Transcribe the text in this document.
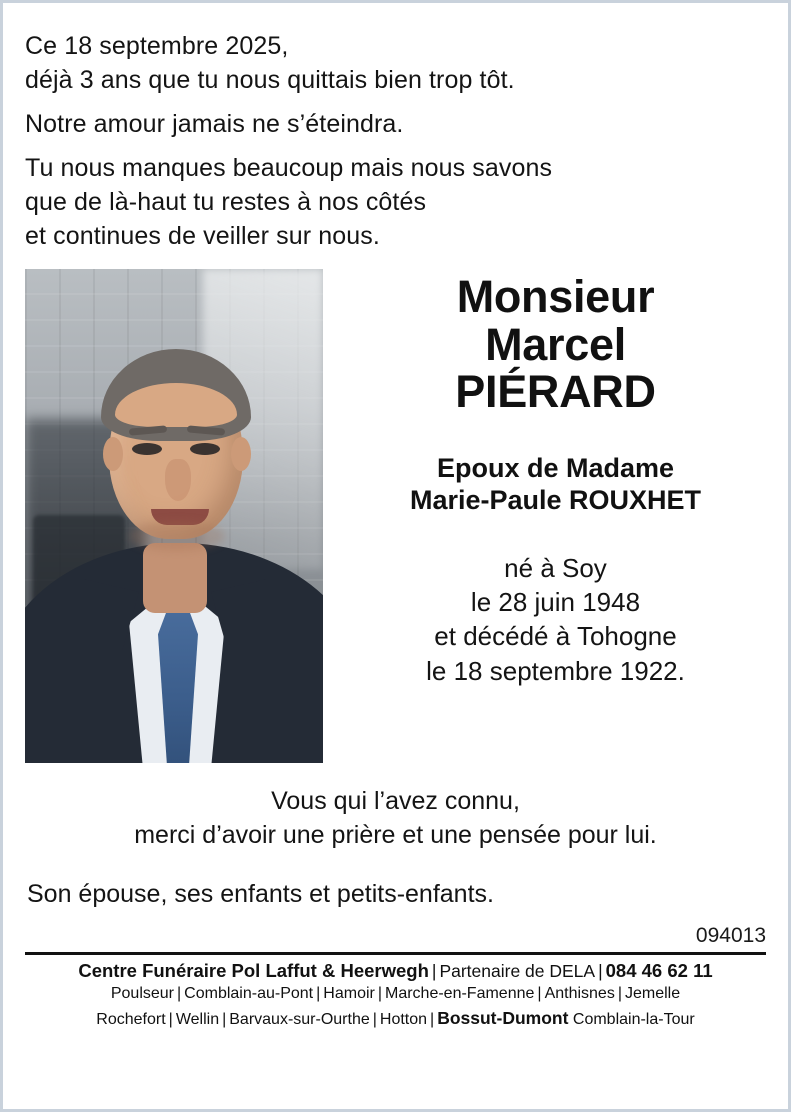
Ce 18 septembre 2025,
déjà 3 ans que tu nous quittais bien trop tôt.

Notre amour jamais ne s’éteindra.

Tu nous manques beaucoup mais nous savons
que de là-haut tu restes à nos côtés
et continues de veiller sur nous.

Monsieur
Marcel
PIÉRARD
Epoux de Madame
Marie-Paule ROUXHET
né à Soy
le 28 juin 1948
et décédé à Tohogne
le 18 septembre 1922.

Vous qui l’avez connu,

merci d’avoir une prière et une pensée pour lui.

Son épouse, ses enfants et petits-enfants.

094013
Centre Funéraire Pol Laffut & Heerwegh | Partenaire de DELA | 084 46 62 11
Poulseur | Comblain-au-Pont | Hamoir | Marche-en-Famenne | Anthisnes | Jemelle
Rochefort | Wellin | Barvaux-sur-Ourthe | Hotton | Bossut-Dumont Comblain-la-Tour
